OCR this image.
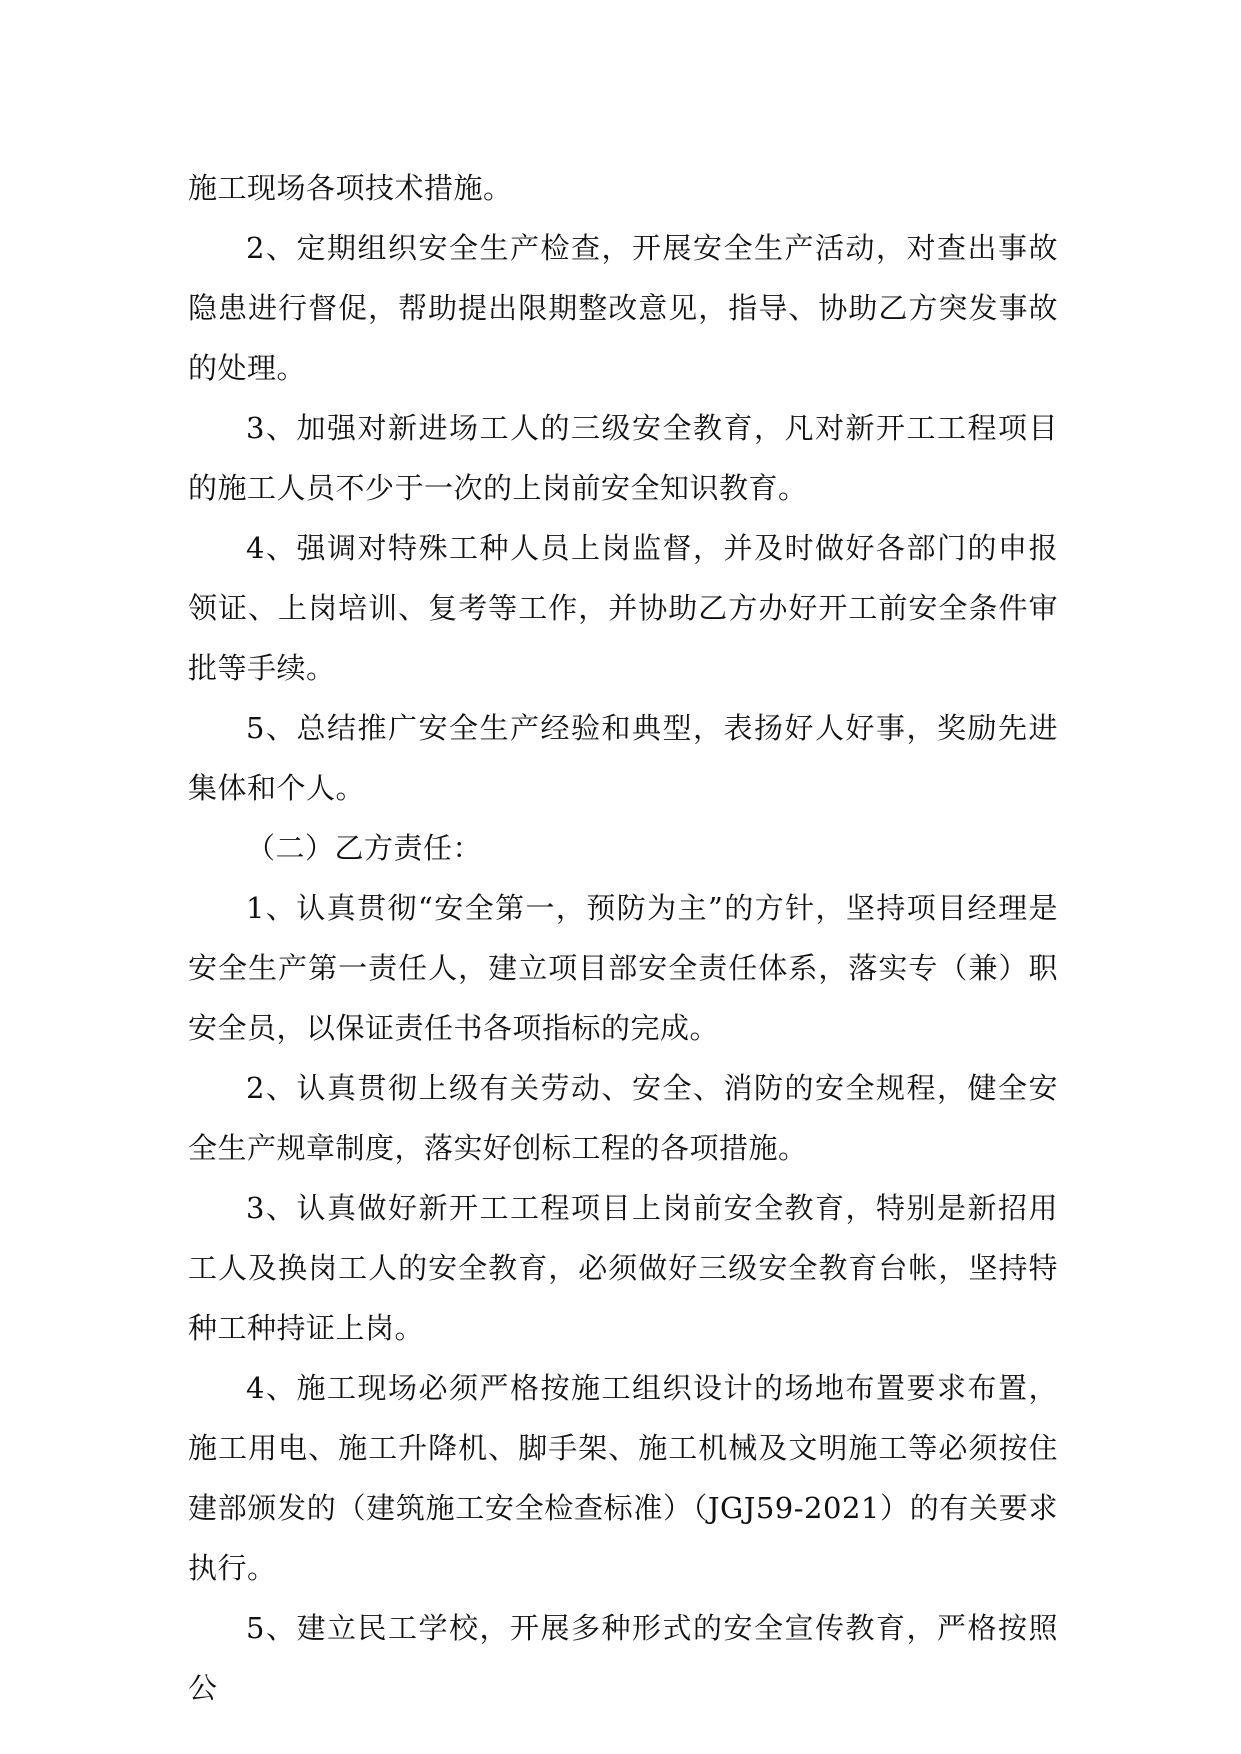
施工现场各项技术措施。

2、定期组织安全生产检查，开展安全生产活动，对查出事故隐患进行督促，帮助提出限期整改意见，指导、协助乙方突发事故的处理。

3、加强对新进场工人的三级安全教育，凡对新开工工程项目的施工人员不少于一次的上岗前安全知识教育。

4、强调对特殊工种人员上岗监督，并及时做好各部门的申报领证、上岗培训、复考等工作，并协助乙方办好开工前安全条件审批等手续。

5、总结推广安全生产经验和典型，表扬好人好事，奖励先进集体和个人。

（二）乙方责任：

1、认真贯彻“安全第一，预防为主”的方针，坚持项目经理是安全生产第一责任人，建立项目部安全责任体系，落实专（兼）职安全员，以保证责任书各项指标的完成。

2、认真贯彻上级有关劳动、安全、消防的安全规程，健全安全生产规章制度，落实好创标工程的各项措施。

3、认真做好新开工工程项目上岗前安全教育，特别是新招用工人及换岗工人的安全教育，必须做好三级安全教育台帐，坚持特种工种持证上岗。

4、施工现场必须严格按施工组织设计的场地布置要求布置，施工用电、施工升降机、脚手架、施工机械及文明施工等必须按住建部颁发的（建筑施工安全检查标准）（JGJ59-2021）的有关要求执行。

5、建立民工学校，开展多种形式的安全宣传教育，严格按照公
